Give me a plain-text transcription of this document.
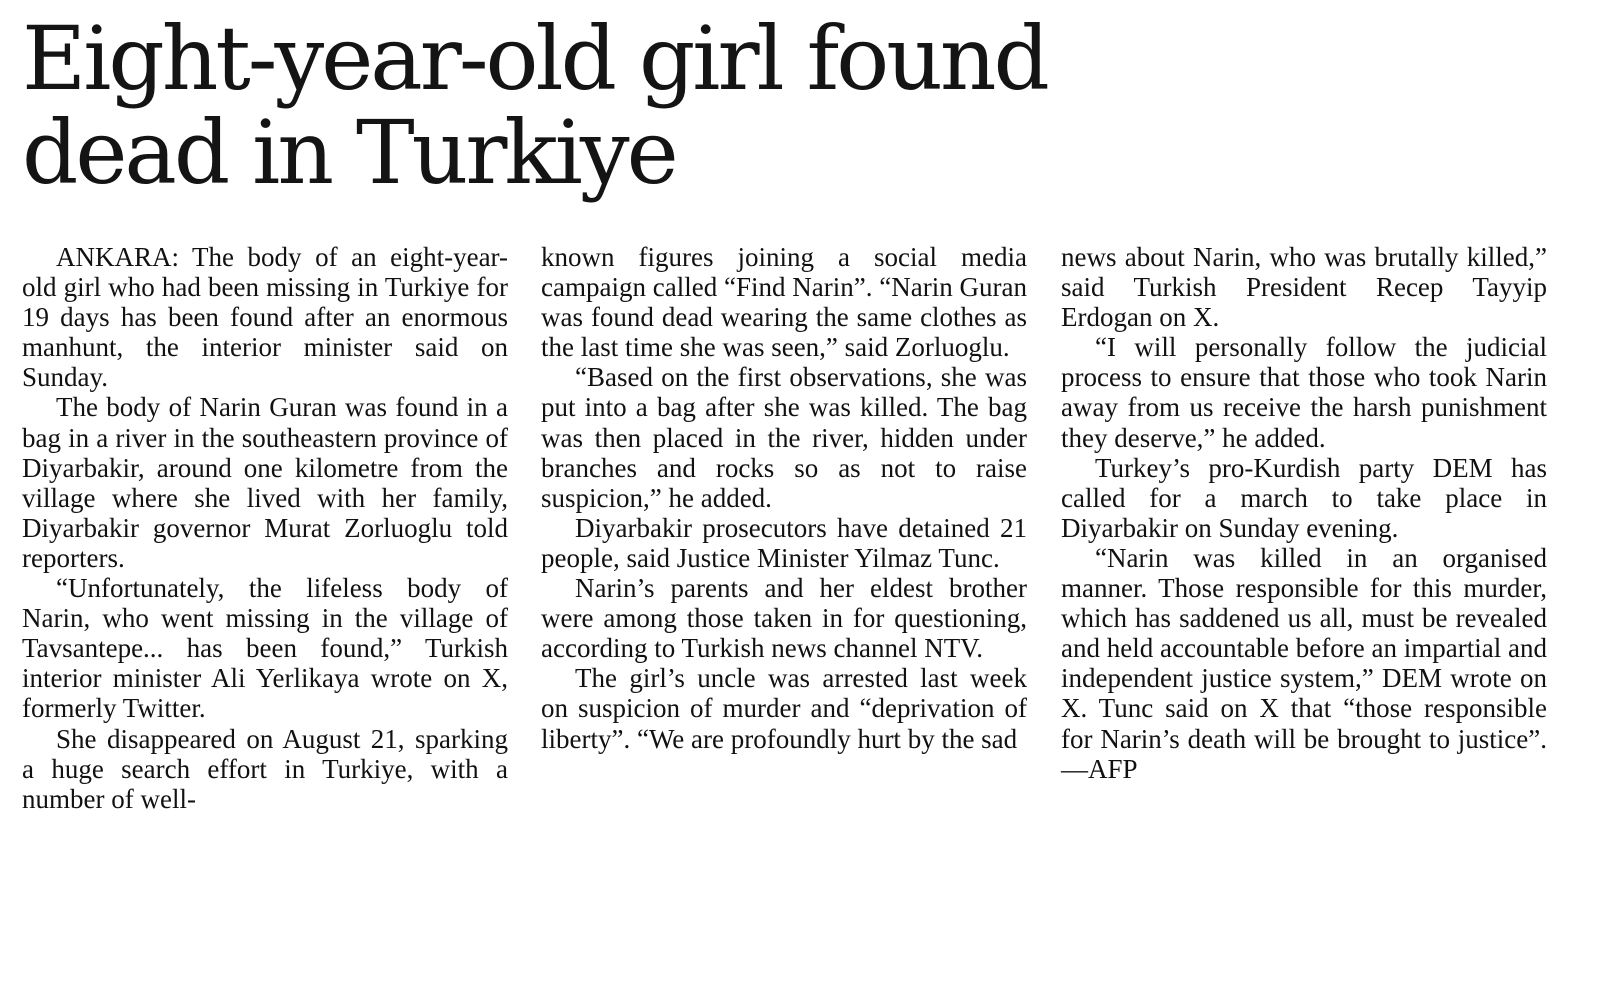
Eight-year-old girl found
dead in Turkiye

ANKARA: The body of an eight-year-old girl who had been missing in Turkiye for 19 days has been found after an enormous manhunt, the interior minister said on Sunday.

The body of Narin Guran was found in a bag in a river in the southeastern province of Diyarbakir, around one kilometre from the village where she lived with her family, Diyarbakir governor Murat Zorluoglu told reporters.

“Unfortunately, the lifeless body of Narin, who went missing in the village of Tavsantepe... has been found,” Turkish interior minister Ali Yerlikaya wrote on X, formerly Twitter.

She disappeared on August 21, sparking a huge search effort in Turkiye, with a number of well-

known figures joining a social media campaign called “Find Narin”. “Narin Guran was found dead wearing the same clothes as the last time she was seen,” said Zorluoglu.

“Based on the first observations, she was put into a bag after she was killed. The bag was then placed in the river, hidden under branches and rocks so as not to raise suspicion,” he added.

Diyarbakir prosecutors have detained 21 people, said Justice Minister Yilmaz Tunc.

Narin’s parents and her eldest brother were among those taken in for questioning, according to Turkish news channel NTV.

The girl’s uncle was arrested last week on suspicion of murder and “deprivation of liberty”. “We are profoundly hurt by the sad

news about Narin, who was brutally killed,” said Turkish President Recep Tayyip Erdogan on X.

“I will personally follow the judicial process to ensure that those who took Narin away from us receive the harsh punishment they deserve,” he added.

Turkey’s pro-Kurdish party DEM has called for a march to take place in Diyarbakir on Sunday evening.

“Narin was killed in an organised manner. Those responsible for this murder, which has saddened us all, must be revealed and held accountable before an impartial and independent justice system,” DEM wrote on X. Tunc said on X that “those responsible for Narin’s death will be brought to justice”.—AFP
